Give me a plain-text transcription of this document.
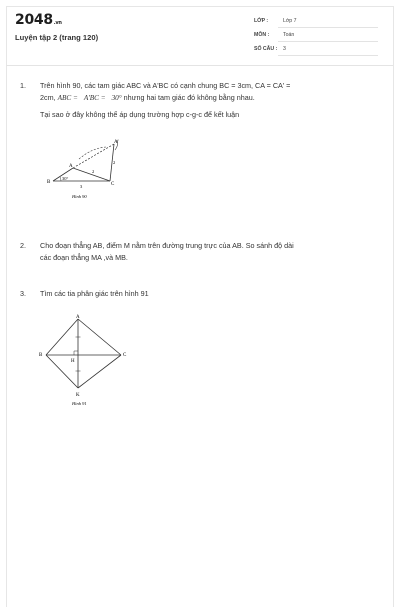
2048.vn
Luyện tập 2 (trang 120)
LỚP :	Lớp 7
MÔN :	Toán
SỐ CÂU : 3
1. Trên hình 90, các tam giác ABC và A'BC có cạnh chung BC = 3cm, CA = CA' =
2cm, ABC = A'BC = 30° nhưng hai tam giác đó không bằng nhau.
Tại sao ở đây không thể áp dụng trường hợp c-g-c để kết luận
A'
A
B	C
30°
2
2
3
Hình 90
2. Cho đoạn thẳng AB, điểm M nằm trên đường trung trực của AB. So sánh độ dài
các đoạn thẳng MA ,và MB.
3. Tìm các tia phân giác trên hình 91
A
B	C
H
K
Hình 91
